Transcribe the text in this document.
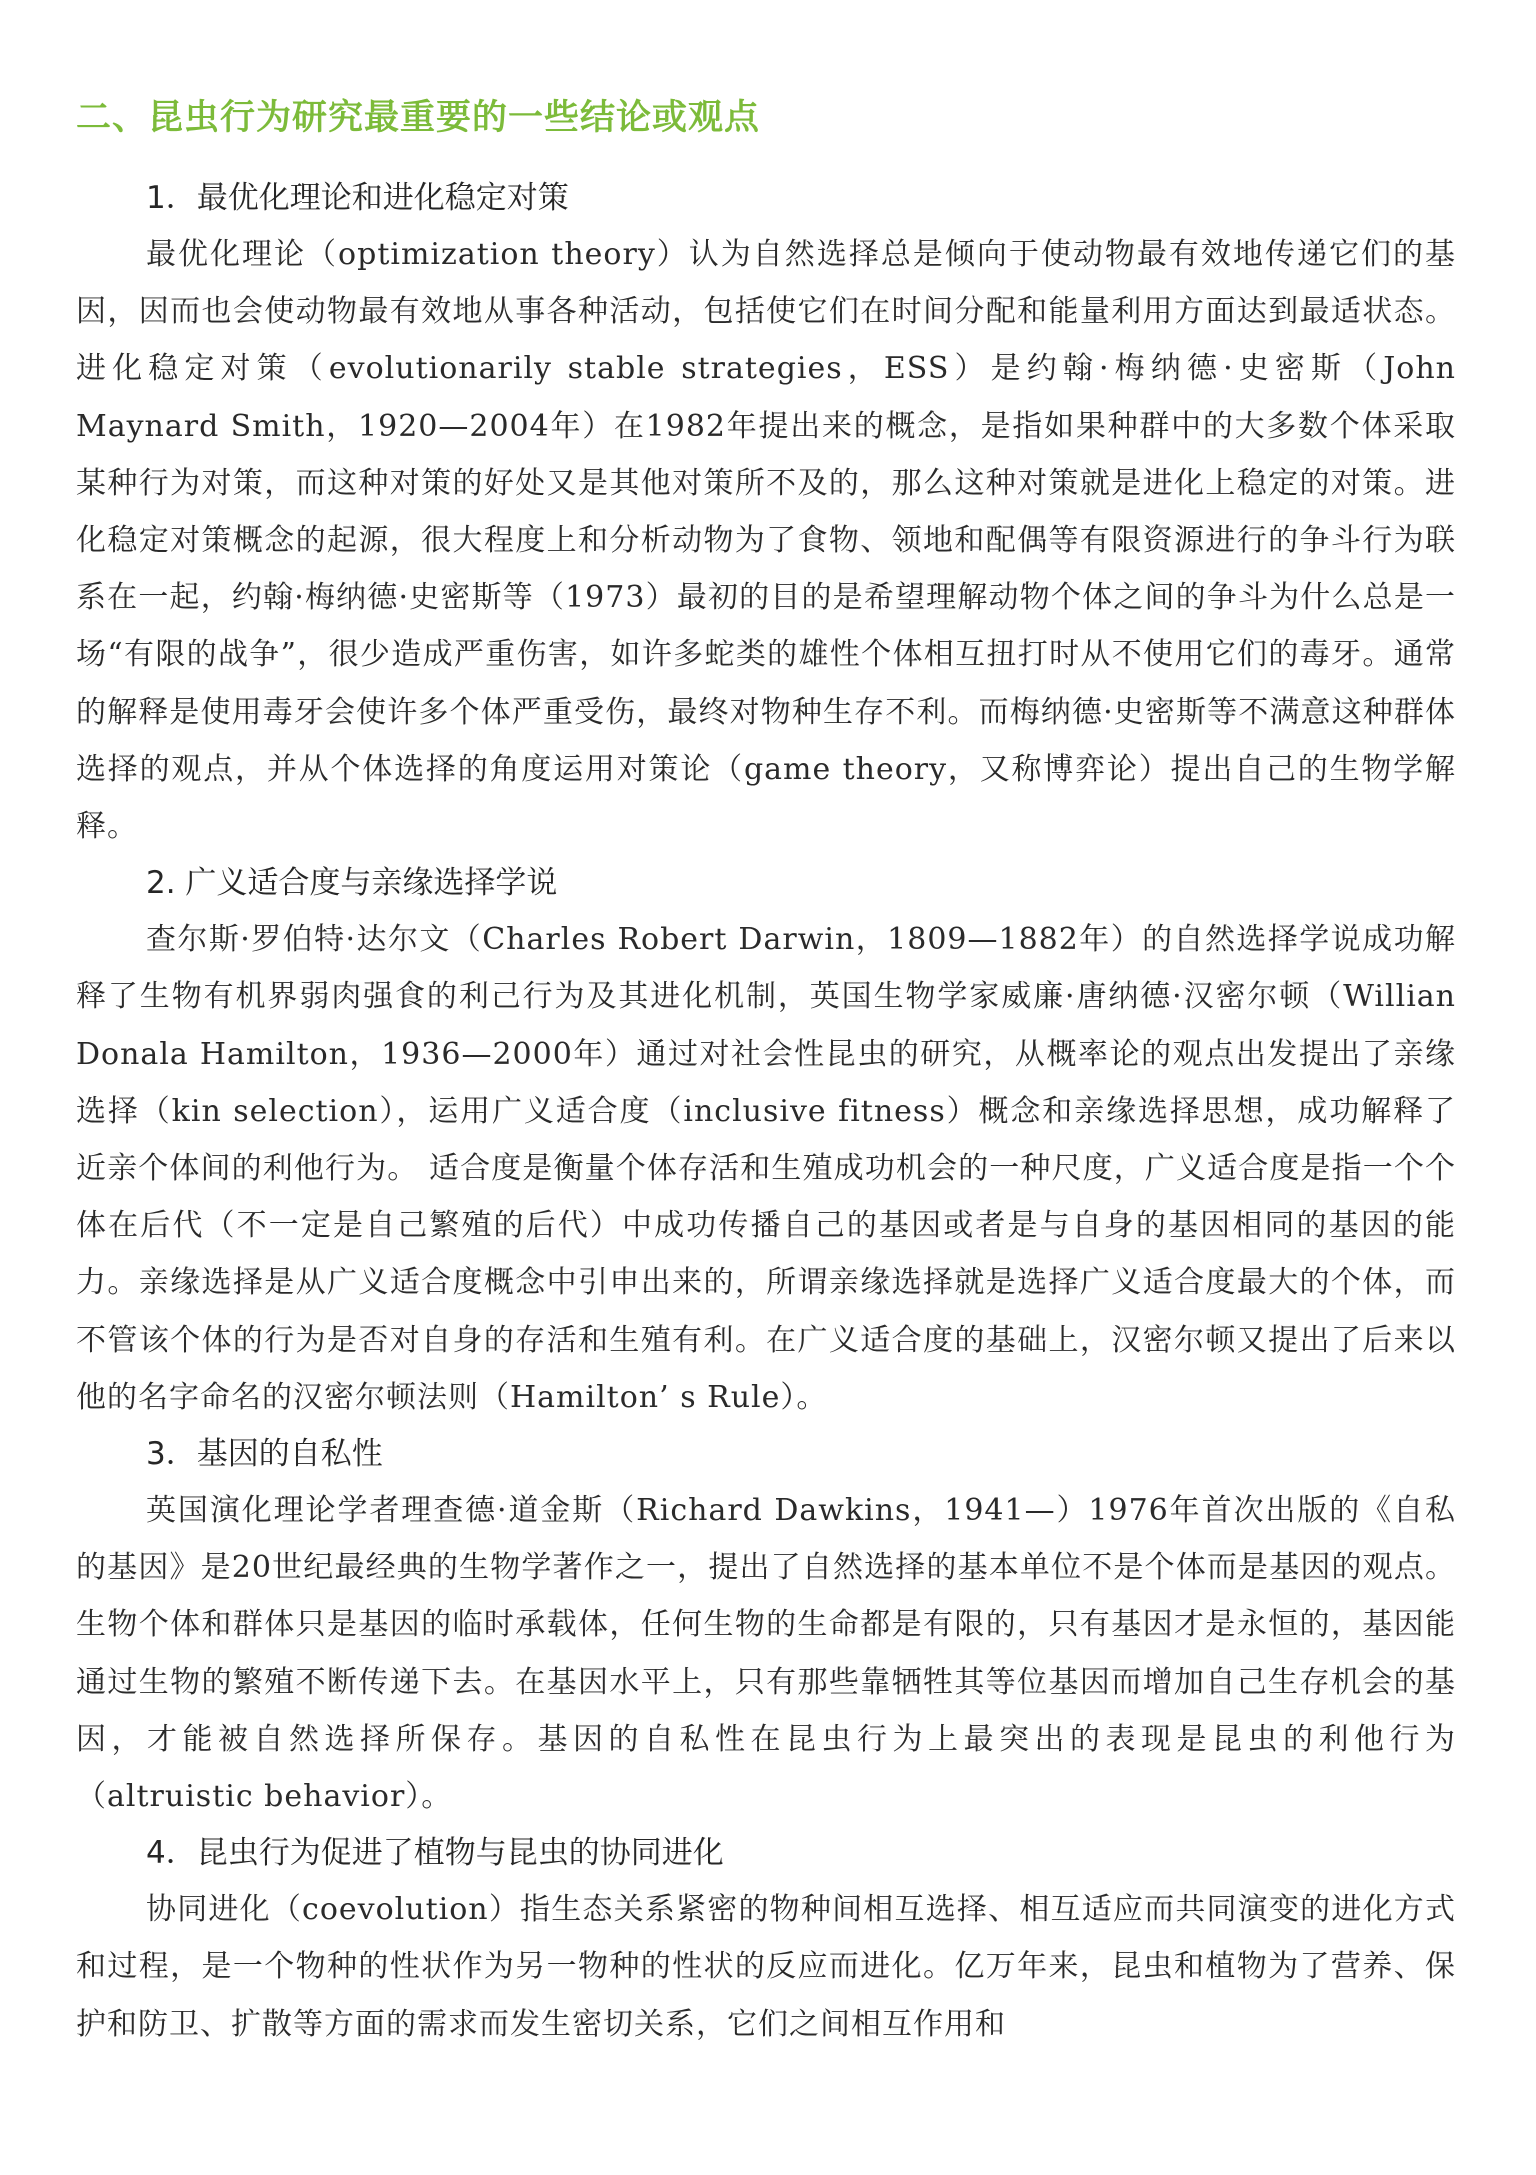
二、昆虫行为研究最重要的一些结论或观点
1．最优化理论和进化稳定对策

最优化理论（optimization theory）认为自然选择总是倾向于使动物最有效地传递它们的基因，因而也会使动物最有效地从事各种活动，包括使它们在时间分配和能量利用方面达到最适状态。进化稳定对策（evolutionarily stable strategies，ESS）是约翰·梅纳德·史密斯（John Maynard Smith，1920—2004年）在1982年提出来的概念，是指如果种群中的大多数个体采取某种行为对策，而这种对策的好处又是其他对策所不及的，那么这种对策就是进化上稳定的对策。进化稳定对策概念的起源，很大程度上和分析动物为了食物、领地和配偶等有限资源进行的争斗行为联系在一起，约翰·梅纳德·史密斯等（1973）最初的目的是希望理解动物个体之间的争斗为什么总是一场“有限的战争”，很少造成严重伤害，如许多蛇类的雄性个体相互扭打时从不使用它们的毒牙。通常的解释是使用毒牙会使许多个体严重受伤，最终对物种生存不利。而梅纳德·史密斯等不满意这种群体选择的观点，并从个体选择的角度运用对策论（game theory，又称博弈论）提出自己的生物学解释。

2. 广义适合度与亲缘选择学说

查尔斯·罗伯特·达尔文（Charles Robert Darwin，1809—1882年）的自然选择学说成功解释了生物有机界弱肉强食的利己行为及其进化机制，英国生物学家威廉·唐纳德·汉密尔顿（Willian Donala Hamilton，1936—2000年）通过对社会性昆虫的研究，从概率论的观点出发提出了亲缘选择（kin selection），运用广义适合度（inclusive fitness）概念和亲缘选择思想，成功解释了近亲个体间的利他行为。 适合度是衡量个体存活和生殖成功机会的一种尺度，广义适合度是指一个个体在后代（不一定是自己繁殖的后代）中成功传播自己的基因或者是与自身的基因相同的基因的能力。亲缘选择是从广义适合度概念中引申出来的，所谓亲缘选择就是选择广义适合度最大的个体，而不管该个体的行为是否对自身的存活和生殖有利。在广义适合度的基础上，汉密尔顿又提出了后来以他的名字命名的汉密尔顿法则（Hamilton’ s Rule）。

3．基因的自私性

英国演化理论学者理查德·道金斯（Richard Dawkins，1941—）1976年首次出版的《自私的基因》是20世纪最经典的生物学著作之一，提出了自然选择的基本单位不是个体而是基因的观点。生物个体和群体只是基因的临时承载体，任何生物的生命都是有限的，只有基因才是永恒的，基因能通过生物的繁殖不断传递下去。在基因水平上，只有那些靠牺牲其等位基因而增加自己生存机会的基因，才能被自然选择所保存。基因的自私性在昆虫行为上最突出的表现是昆虫的利他行为（altruistic behavior）。

4．昆虫行为促进了植物与昆虫的协同进化

协同进化（coevolution）指生态关系紧密的物种间相互选择、相互适应而共同演变的进化方式和过程，是一个物种的性状作为另一物种的性状的反应而进化。亿万年来，昆虫和植物为了营养、保护和防卫、扩散等方面的需求而发生密切关系，它们之间相互作用和
